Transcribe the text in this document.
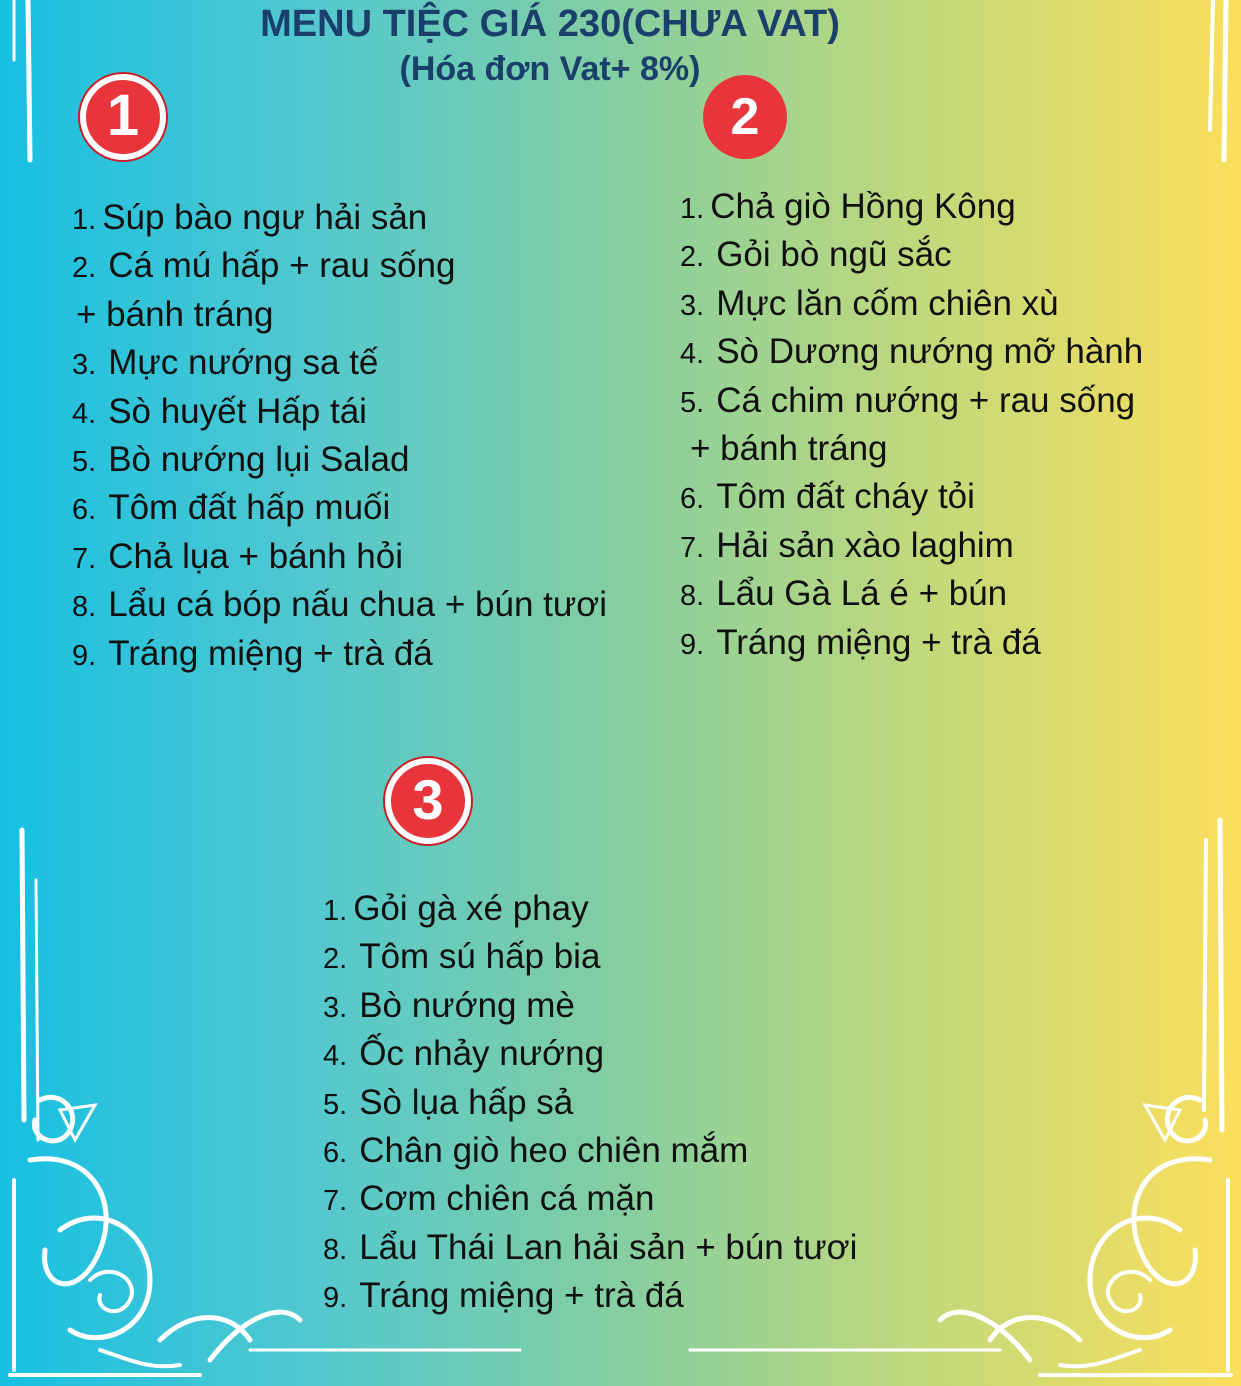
MENU TIỆC GIÁ 230(CHƯA VAT)
(Hóa đơn Vat+ 8%)
1	2
3
1. Súp bào ngư hải sản
2. Cá mú hấp + rau sống
+ bánh tráng
3. Mực nướng sa tế
4. Sò huyết Hấp tái
5. Bò nướng lụi Salad
6. Tôm đất hấp muối
7. Chả lụa + bánh hỏi
8. Lẩu cá bóp nấu chua + bún tươi
9. Tráng miệng + trà đá
1. Chả giò Hồng Kông
2. Gỏi bò ngũ sắc
3. Mực lăn cốm chiên xù
4. Sò Dương nướng mỡ hành
5. Cá chim nướng + rau sống
+ bánh tráng
6. Tôm đất cháy tỏi
7. Hải sản xào laghim
8. Lẩu Gà Lá é + bún
9. Tráng miệng + trà đá
1. Gỏi gà xé phay
2. Tôm sú hấp bia
3. Bò nướng mè
4. Ốc nhảy nướng
5. Sò lụa hấp sả
6. Chân giò heo chiên mắm
7. Cơm chiên cá mặn
8. Lẩu Thái Lan hải sản + bún tươi
9. Tráng miệng + trà đá
